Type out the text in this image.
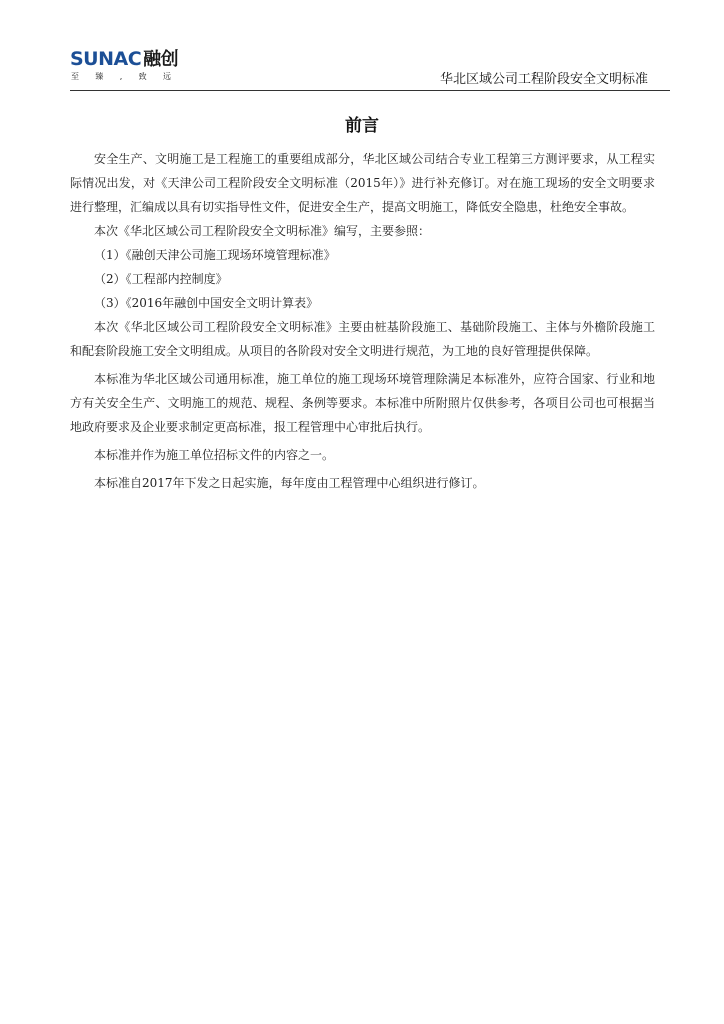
SUNAC 融创
至 臻 , 致 远	华北区域公司工程阶段安全文明标准
前言

安全生产、文明施工是工程施工的重要组成部分，华北区域公司结合专业工程第三方测评要求，从工程实际情况出发，对《天津公司工程阶段安全文明标准（2015年）》进行补充修订。对在施工现场的安全文明要求进行整理，汇编成以具有切实指导性文件，促进安全生产，提高文明施工，降低安全隐患，杜绝安全事故。

本次《华北区域公司工程阶段安全文明标准》编写，主要参照：

（1）《融创天津公司施工现场环境管理标准》

（2）《工程部内控制度》

（3）《2016年融创中国安全文明计算表》

本次《华北区域公司工程阶段安全文明标准》主要由桩基阶段施工、基础阶段施工、主体与外檐阶段施工和配套阶段施工安全文明组成。从项目的各阶段对安全文明进行规范，为工地的良好管理提供保障。

本标准为华北区域公司通用标准，施工单位的施工现场环境管理除满足本标准外，应符合国家、行业和地方有关安全生产、文明施工的规范、规程、条例等要求。本标准中所附照片仅供参考，各项目公司也可根据当地政府要求及企业要求制定更高标准，报工程管理中心审批后执行。

本标准并作为施工单位招标文件的内容之一。

本标准自2017年下发之日起实施，每年度由工程管理中心组织进行修订。
